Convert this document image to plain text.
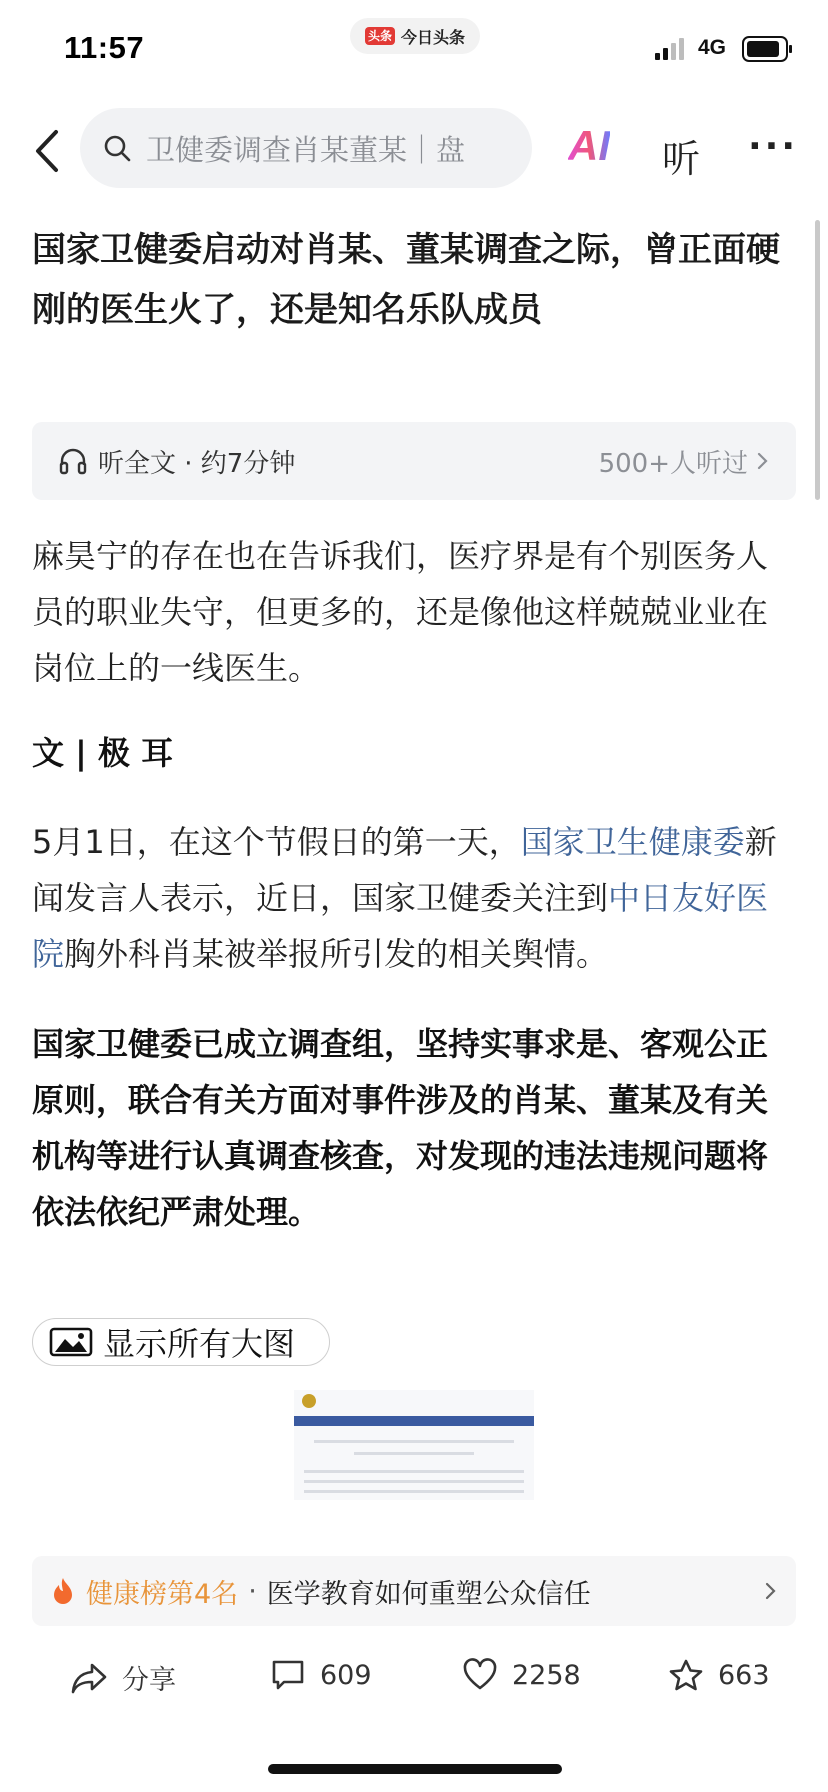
11:57	头条 今日头条	4G
卫健委调查肖某董某｜盘 AI 听 ···
国家卫健委启动对肖某、董某调查之际，曾正面硬刚的医生火了，还是知名乐队成员
听全文 · 约7分钟	500+人听过

麻昊宁的存在也在告诉我们，医疗界是有个别医务人员的职业失守，但更多的，还是像他这样兢兢业业在岗位上的一线医生。

文 | 极 耳

5月1日，在这个节假日的第一天，国家卫生健康委新闻发言人表示，近日，国家卫健委关注到中日友好医院胸外科肖某被举报所引发的相关舆情。

国家卫健委已成立调查组，坚持实事求是、客观公正原则，联合有关方面对事件涉及的肖某、董某及有关机构等进行认真调查核查，对发现的违法违规问题将依法依纪严肃处理。

显示所有大图
健康榜第4名 · 医学教育如何重塑公众信任
分享	609	2258	663
